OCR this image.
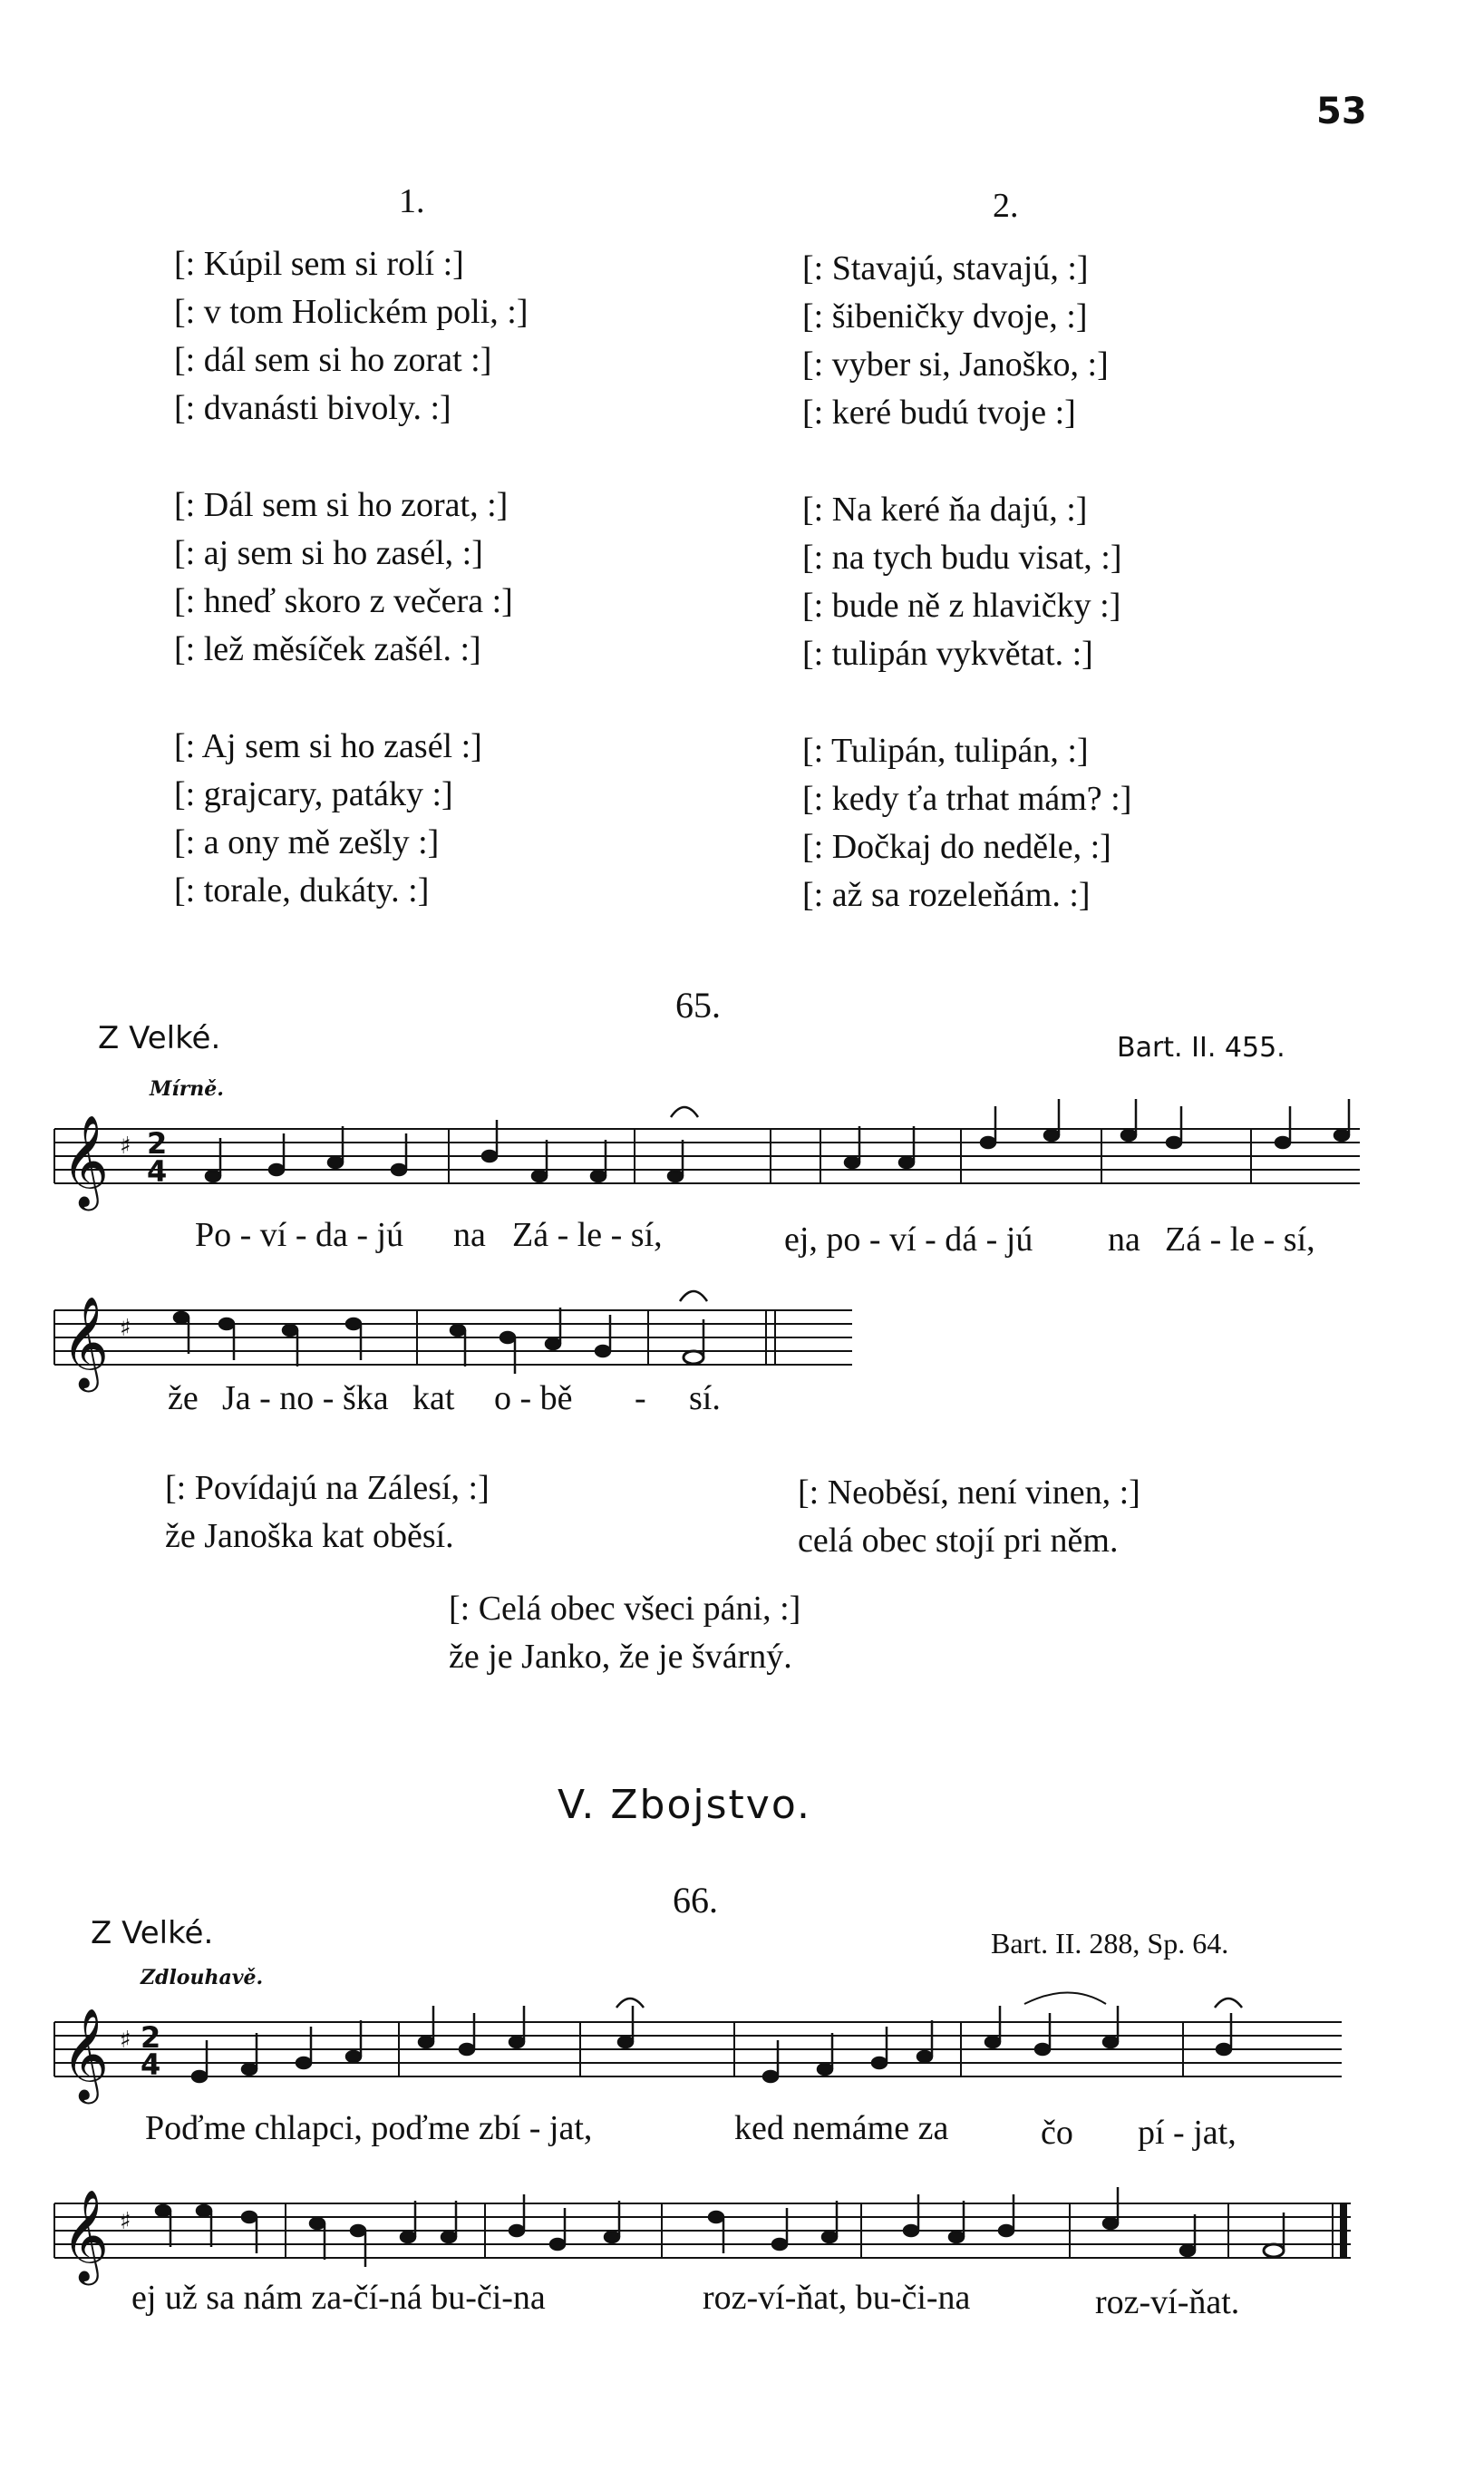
53
1.	2.
[: Kúpil sem si rolí :]
[: v tom Holickém poli, :]
[: dál sem si ho zorat :]
[: dvanásti bivoly. :]
[: Dál sem si ho zorat, :]
[: aj sem si ho zasél, :]
[: hneď skoro z večera :]
[: lež měsíček zašél. :]
[: Aj sem si ho zasél :]
[: grajcary, patáky :]
[: a ony mě zešly :]
[: torale, dukáty. :]
[: Stavajú, stavajú, :]
[: šibeničky dvoje, :]
[: vyber si, Janoško, :]
[: keré budú tvoje :]
[: Na keré ňa dajú, :]
[: na tych budu visat, :]
[: bude ně z hlavičky :]
[: tulipán vykvětat. :]
[: Tulipán, tulipán, :]
[: kedy ťa trhat mám? :]
[: Dočkaj do neděle, :]
[: až sa rozeleňám. :]
65.
Z Velké.	Bart. II. 455.
Mírně.
𝄞 ♯ 2
4
Po - ví - da - jú na Zá - le - sí,	ej, po - ví - dá - jú na Zá - le - sí,
𝄞 ♯
že Ja - no - ška kat o - bě - sí.
[: Povídajú na Zálesí, :]
že Janoška kat oběsí.
[: Neoběsí, není vinen, :]
celá obec stojí pri něm.
[: Celá obec všeci páni, :]
že je Janko, že je švárný.
V. Zbojstvo.
66.
Z Velké.	Bart. II. 288, Sp. 64.
Zdlouhavě.
𝄞 ♯ 2
4
Poďme chlapci, poďme zbí - jat,	ked nemáme za	čo pí - jat,
𝄞 ♯
ej už sa nám za-čí-ná bu-či-na	roz-ví-ňat, bu-či-na	roz-ví-ňat.
